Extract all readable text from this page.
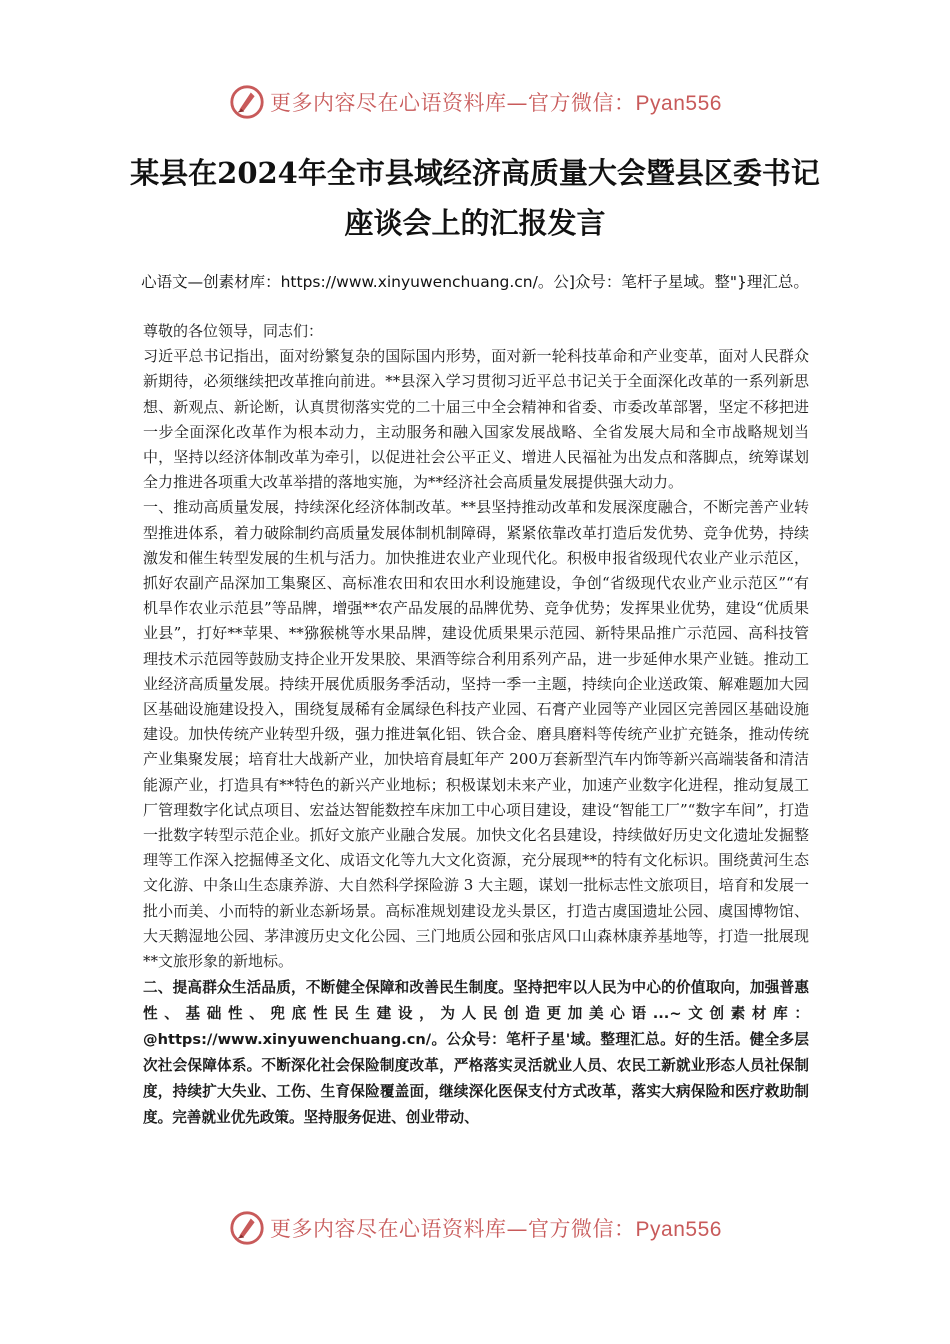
更多内容尽在心语资料库—官方微信：Pyan556
某县在2024年全市县域经济高质量大会暨县区委书记座谈会上的汇报发言

心语文—创素材库：https://www.xinyuwenchuang.cn/。公]众号：笔杆子星域。整"}理汇总。

尊敬的各位领导，同志们：

习近平总书记指出，面对纷繁复杂的国际国内形势，面对新一轮科技革命和产业变革，面对人民群众新期待，必须继续把改革推向前进。**县深入学习贯彻习近平总书记关于全面深化改革的一系列新思想、新观点、新论断，认真贯彻落实党的二十届三中全会精神和省委、市委改革部署，坚定不移把进一步全面深化改革作为根本动力，主动服务和融入国家发展战略、全省发展大局和全市战略规划当中，坚持以经济体制改革为牵引，以促进社会公平正义、增进人民福祉为出发点和落脚点，统筹谋划全力推进各项重大改革举措的落地实施，为**经济社会高质量发展提供强大动力。

一、推动高质量发展，持续深化经济体制改革。**县坚持推动改革和发展深度融合，不断完善产业转型推进体系，着力破除制约高质量发展体制机制障碍，紧紧依靠改革打造后发优势、竞争优势，持续激发和催生转型发展的生机与活力。加快推进农业产业现代化。积极申报省级现代农业产业示范区，抓好农副产品深加工集聚区、高标准农田和农田水利设施建设，争创“省级现代农业产业示范区”“有机旱作农业示范县”等品牌，增强**农产品发展的品牌优势、竞争优势；发挥果业优势，建设“优质果业县”，打好**苹果、**猕猴桃等水果品牌，建设优质果果示范园、新特果品推广示范园、高科技管理技术示范园等鼓励支持企业开发果胶、果酒等综合利用系列产品，进一步延伸水果产业链。推动工业经济高质量发展。持续开展优质服务季活动，坚持一季一主题，持续向企业送政策、解难题加大园区基础设施建设投入，围绕复晟稀有金属绿色科技产业园、石膏产业园等产业园区完善园区基础设施建设。加快传统产业转型升级，强力推进氧化铝、铁合金、磨具磨料等传统产业扩充链条，推动传统产业集聚发展；培育壮大战新产业，加快培育晨虹年产 200万套新型汽车内饰等新兴高端装备和清洁能源产业，打造具有**特色的新兴产业地标；积极谋划未来产业，加速产业数字化进程，推动复晟工厂管理数字化试点项目、宏益达智能数控车床加工中心项目建设，建设“智能工厂”“数字车间”，打造一批数字转型示范企业。抓好文旅产业融合发展。加快文化名县建设，持续做好历史文化遗址发掘整理等工作深入挖掘傅圣文化、成语文化等九大文化资源，充分展现**的特有文化标识。围绕黄河生态文化游、中条山生态康养游、大自然科学探险游 3 大主题，谋划一批标志性文旅项目，培育和发展一批小而美、小而特的新业态新场景。高标准规划建设龙头景区，打造古虞国遗址公园、虞国博物馆、大天鹅湿地公园、茅津渡历史文化公园、三门地质公园和张店风口山森林康养基地等，打造一批展现**文旅形象的新地标。

二、提高群众生活品质，不断健全保障和改善民生制度。坚持把牢以人民为中心的价值取向，加强普惠性、基础性、兜底性民生建设，为人民创造更加美心语...~文创素材库：@https://www.xinyuwenchuang.cn/。公众号：笔杆子星'域。整理汇总。好的生活。健全多层次社会保障体系。不断深化社会保险制度改革，严格落实灵活就业人员、农民工新就业形态人员社保制度，持续扩大失业、工伤、生育保险覆盖面，继续深化医保支付方式改革，落实大病保险和医疗救助制度。完善就业优先政策。坚持服务促进、创业带动、

更多内容尽在心语资料库—官方微信：Pyan556
